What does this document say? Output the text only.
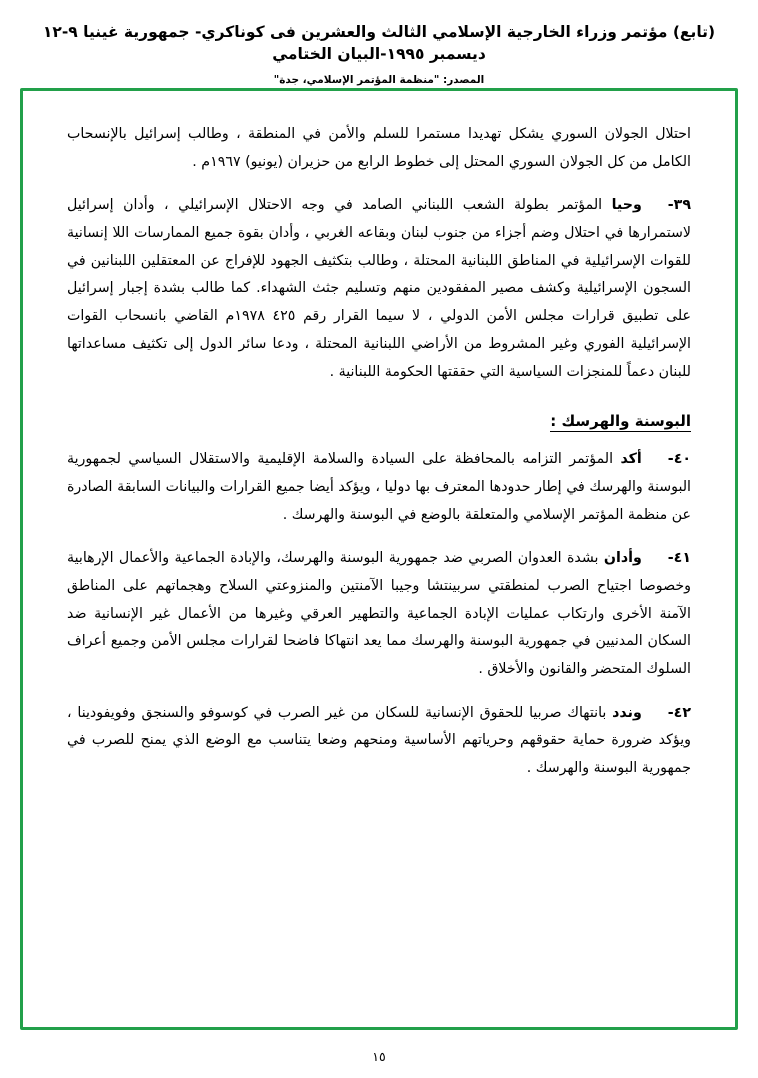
(تابع) مؤتمر وزراء الخارجية الإسلامي الثالث والعشرين فى كوناكري- جمهورية غينيا ٩-١٢ ديسمبر ١٩٩٥-البيان الختامي
المصدر: "منظمة المؤتمر الإسلامي، جدة"

احتلال الجولان السوري يشكل تهديدا مستمرا للسلم والأمن في المنطقة ، وطالب إسرائيل بالإنسحاب الكامل من كل الجولان السوري المحتل إلى خطوط الرابع من حزيران (يونيو) ١٩٦٧م .

٣٩-وحيا المؤتمر بطولة الشعب اللبناني الصامد في وجه الاحتلال الإسرائيلي ، وأدان إسرائيل لاستمرارها في احتلال وضم أجزاء من جنوب لبنان وبقاعه الغربي ، وأدان بقوة جميع الممارسات اللا إنسانية للقوات الإسرائيلية في المناطق اللبنانية المحتلة ، وطالب بتكثيف الجهود للإفراج عن المعتقلين اللبنانين في السجون الإسرائيلية وكشف مصير المفقودين منهم وتسليم جثث الشهداء. كما طالب بشدة إجبار إسرائيل على تطبيق قرارات مجلس الأمن الدولي ، لا سيما القرار رقم ٤٢٥ ١٩٧٨م القاضي بانسحاب القوات الإسرائيلية الفوري وغير المشروط من الأراضي اللبنانية المحتلة ، ودعا سائر الدول إلى تكثيف مساعداتها للبنان دعماً للمنجزات السياسية التي حققتها الحكومة اللبنانية .

البوسنة والهرسك :

٤٠-أكد المؤتمر التزامه بالمحافظة على السيادة والسلامة الإقليمية والاستقلال السياسي لجمهورية البوسنة والهرسك في إطار حدودها المعترف بها دوليا ، ويؤكد أيضا جميع القرارات والبيانات السابقة الصادرة عن منظمة المؤتمر الإسلامي والمتعلقة بالوضع في البوسنة والهرسك .

٤١-وأدان بشدة العدوان الصربي ضد جمهورية البوسنة والهرسك، والإبادة الجماعية والأعمال الإرهابية وخصوصا اجتياح الصرب لمنطقتي سربينتشا وجيبا الآمنتين والمنزوعتي السلاح وهجماتهم على المناطق الآمنة الأخرى وارتكاب عمليات الإبادة الجماعية والتطهير العرقي وغيرها من الأعمال غير الإنسانية ضد السكان المدنيين في جمهورية البوسنة والهرسك مما يعد انتهاكا فاضحا لقرارات مجلس الأمن وجميع أعراف السلوك المتحضر والقانون والأخلاق .

٤٢-وندد بانتهاك صربيا للحقوق الإنسانية للسكان من غير الصرب في كوسوفو والسنجق وفويفودينا ، ويؤكد ضرورة حماية حقوقهم وحرياتهم الأساسية ومنحهم وضعا يتناسب مع الوضع الذي يمنح للصرب في جمهورية البوسنة والهرسك .

١٥
